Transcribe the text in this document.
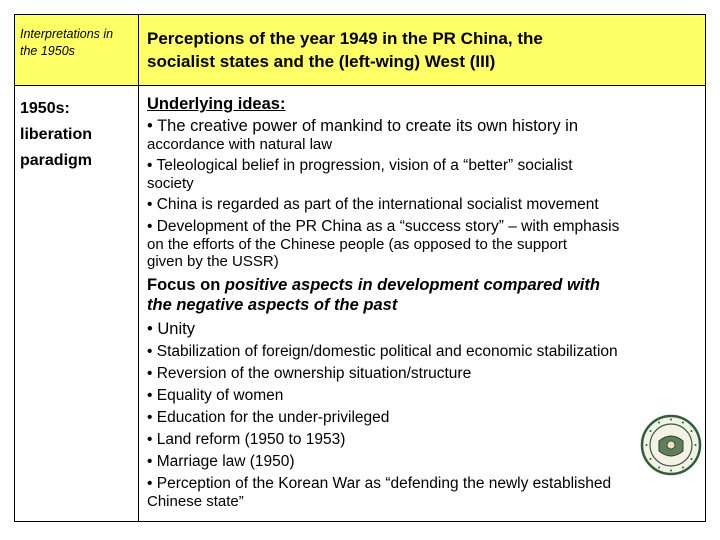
Interpretations in the 1950s
Perceptions of the year 1949 in the PR China, the
socialist states and the (left-wing) West (III)
1950s:
liberation
paradigm
Underlying ideas:
• The creative power of mankind to create its own history in
accordance with natural law
• Teleological belief in progression, vision of a “better” socialist
society
• China is regarded as part of the international socialist movement
• Development of the PR China as a “success story” – with emphasis
on the efforts of the Chinese people (as opposed to the support
given by the USSR)
Focus on positive aspects in development compared with
the negative aspects of the past
• Unity
• Stabilization of foreign/domestic political and economic stabilization
• Reversion of the ownership situation/structure
• Equality of women
• Education for the under-privileged
• Land reform (1950 to 1953)
• Marriage law (1950)
• Perception of the Korean War as “defending the newly established
Chinese state”
